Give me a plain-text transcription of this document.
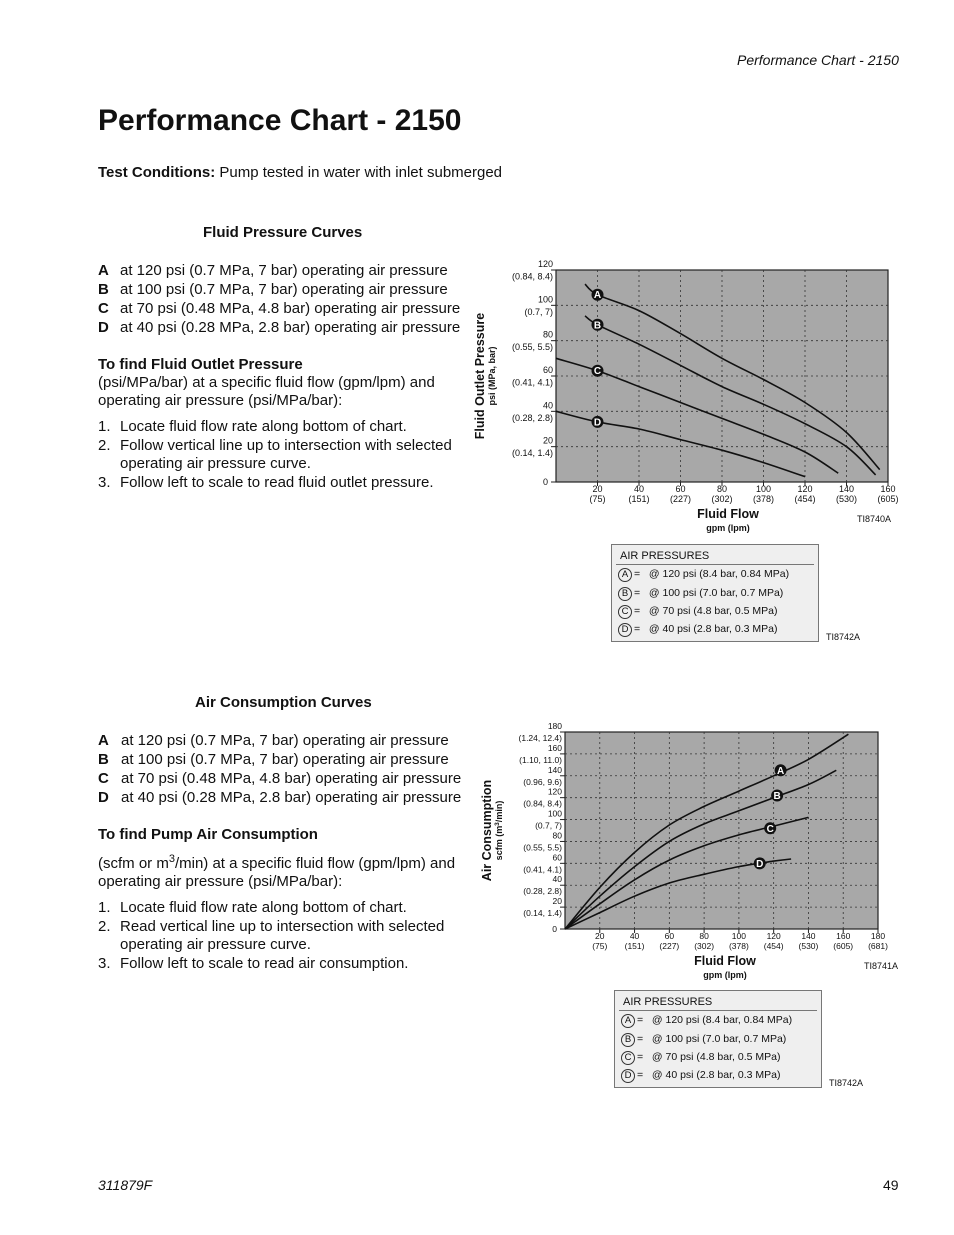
Performance Chart - 2150
Performance Chart - 2150
Test Conditions: Pump tested in water with inlet submerged
Fluid Pressure Curves
A at 120 psi (0.7 MPa, 7 bar) operating air pressure
B at 100 psi (0.7 MPa, 7 bar) operating air pressure
C at 70 psi (0.48 MPa, 4.8 bar) operating air pressure
D at 40 psi (0.28 MPa, 2.8 bar) operating air pressure
To find Fluid Outlet Pressure

(psi/MPa/bar) at a specific fluid flow (gpm/lpm) and operating air pressure (psi/MPa/bar):

1. Locate fluid flow rate along bottom of chart.
2. Follow vertical line up to intersection with selected operating air pressure curve.
3. Follow left to scale to read fluid outlet pressure.	0
20
(0.14, 1.4)
40
(0.28, 2.8)
60
(0.41, 4.1)
80
(0.55, 5.5)
100
(0.7, 7)
120
(0.84, 8.4)
20
(75)
40
(151)
60
(227)
80
(302)
100
(378)
120
(454)
140
(530)
160
(605)
A
B
C
D
Fluid Outlet Pressure psi (MPa, bar)
Fluid Flow
gpm (lpm)
TI8740A
AIR PRESSURES
A = @ 120 psi (8.4 bar, 0.84 MPa)
B = @ 100 psi (7.0 bar, 0.7 MPa)
C = @ 70 psi (4.8 bar, 0.5 MPa)
D = @ 40 psi (2.8 bar, 0.3 MPa)
TI8742A
Air Consumption Curves
A at 120 psi (0.7 MPa, 7 bar) operating air pressure
B at 100 psi (0.7 MPa, 7 bar) operating air pressure
C at 70 psi (0.48 MPa, 4.8 bar) operating air pressure
D at 40 psi (0.28 MPa, 2.8 bar) operating air pressure
To find Pump Air Consumption

(scfm or $m^3/\min$) at a specific fluid flow (gpm/lpm) and operating air pressure (psi/MPa/bar):

1. Locate fluid flow rate along bottom of chart.
2. Read vertical line up to intersection with selected operating air pressure curve.
3. Follow left to scale to read air consumption.
0
20
(0.14, 1.4)
40
(0.28, 2.8)
60
(0.41, 4.1)
80
(0.55, 5.5)
100
(0.7, 7)
120
(0.84, 8.4)
140
(0.96, 9.6)
160
(1.10, 11.0)
180
(1.24, 12.4)
20
(75)
40
(151)
60
(227)
80
(302)
100
(378)
120
(454)
140
(530)
160
(605)
180
(681)
A
B
C
D
Air Consumption scfm $(m^3/\min)$
Fluid Flow
gpm (lpm)
TI8741A
AIR PRESSURES
A = @ 120 psi (8.4 bar, 0.84 MPa)
B = @ 100 psi (7.0 bar, 0.7 MPa)
C = @ 70 psi (4.8 bar, 0.5 MPa)
D = @ 40 psi (2.8 bar, 0.3 MPa)
TI8742A
311879F	49
